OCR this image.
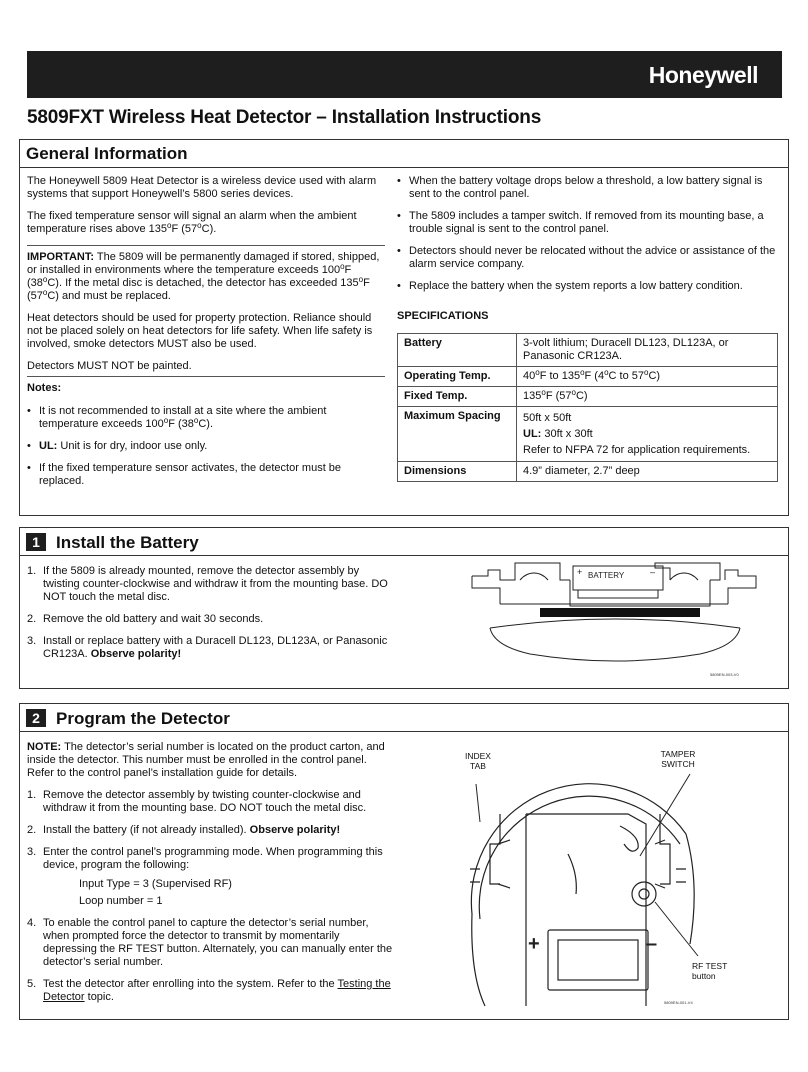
Honeywell
5809FXT Wireless Heat Detector – Installation Instructions
General Information

The Honeywell 5809 Heat Detector is a wireless device used with alarm systems that support Honeywell’s 5800 series devices.

The fixed temperature sensor will signal an alarm when the ambient temperature rises above 135$^o$F (57$^o$C).

IMPORTANT: The 5809 will be permanently damaged if stored, shipped, or installed in environments where the temperature exceeds 100$^o$F (38$^o$C). If the metal disc is detached, the detector has exceeded 135$^o$F (57$^o$C) and must be replaced.

Heat detectors should be used for property protection. Reliance should not be placed solely on heat detectors for life safety. When life safety is involved, smoke detectors MUST also be used.

Detectors MUST NOT be painted.

Notes:

• It is not recommended to install at a site where the ambient temperature exceeds 100$^o$F (38$^o$C).
• UL: Unit is for dry, indoor use only.
• If the fixed temperature sensor activates, the detector must be replaced.
• When the battery voltage drops below a threshold, a low battery signal is sent to the control panel.
• The 5809 includes a tamper switch. If removed from its mounting base, a trouble signal is sent to the control panel.
• Detectors should never be relocated without the advice or assistance of the alarm service company.
• Replace the battery when the system reports a low battery condition.

SPECIFICATIONS

Battery	3-volt lithium; Duracell DL123, DL123A, or Panasonic CR123A.
Operating Temp.	40$^o$F to 135$^o$F (4$^o$C to 57$^o$C)
Fixed Temp.	135$^o$F (57$^o$C)
Maximum Spacing	50ft x 50ft
UL: 30ft x 30ft
Refer to NFPA 72 for application requirements.
Dimensions	4.9” diameter, 2.7” deep
1 Install the Battery
1. If the 5809 is already mounted, remove the detector assembly by twisting counter-clockwise and withdraw it from the mounting base. DO NOT touch the metal disc.
2. Remove the old battery and wait 30 seconds.
3. Install or replace battery with a Duracell DL123, DL123A, or Panasonic CR123A. Observe polarity!
BATTERY
+	–
5809EN-003-V0
2 Program the Detector

NOTE: The detector’s serial number is located on the product carton, and inside the detector. This number must be enrolled in the control panel. Refer to the control panel’s installation guide for details.

1. Remove the detector assembly by twisting counter-clockwise and withdraw it from the mounting base. DO NOT touch the metal disc.
2. Install the battery (if not already installed). Observe polarity!
3. Enter the control panel’s programming mode. When programming this device, program the following:
Input Type = 3 (Supervised RF)
Loop number = 1
4. To enable the control panel to capture the detector’s serial number, when prompted force the detector to transmit by momentarily depressing the RF TEST button. Alternately, you can manually enter the detector’s serial number.
5. Test the detector after enrolling into the system. Refer to the Testing the Detector topic.
INDEX TAB
TAMPER SWITCH
RF TEST button
+	–
5809EN-001-V4
